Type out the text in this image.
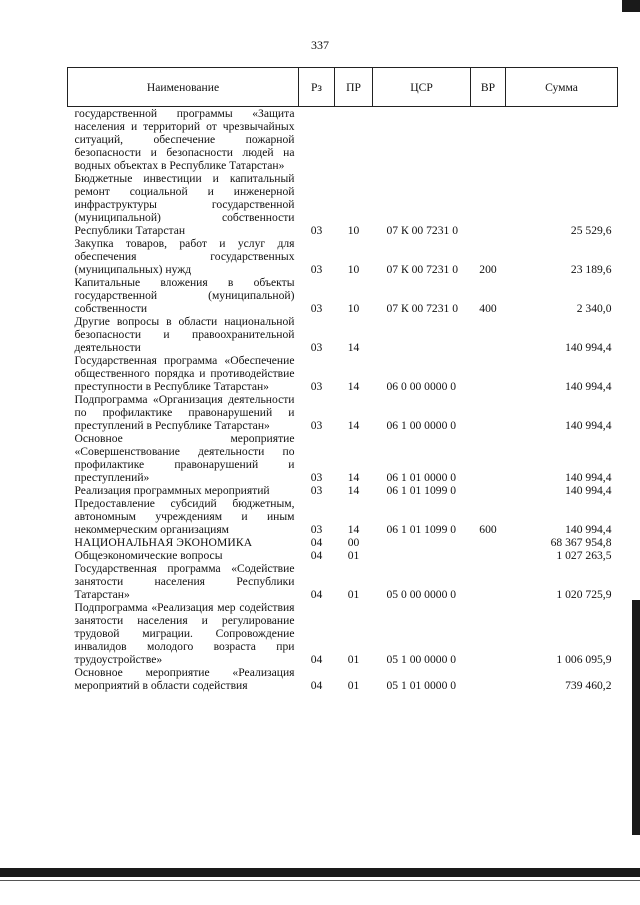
337
Наименование	Рз	ПР	ЦСР	ВР	Сумма
государственной программы «Защита населения и территорий от чрезвычайных ситуаций, обеспечение пожарной безопасности и безопасности людей на водных объектах в Республике Татарстан»					
Бюджетные инвестиции и капитальный ремонт социальной и инженерной инфраструктуры государственной (муниципальной) собственности Республики Татарстан	03	10	07 К 00 7231 0		25 529,6
Закупка товаров, работ и услуг для обеспечения государственных (муниципальных) нужд	03	10	07 К 00 7231 0	200	23 189,6
Капитальные вложения в объекты государственной (муниципальной) собственности	03	10	07 К 00 7231 0	400	2 340,0
Другие вопросы в области национальной безопасности и правоохранительной деятельности	03	14			140 994,4
Государственная программа «Обеспечение общественного порядка и противодействие преступности в Республике Татарстан»	03	14	06 0 00 0000 0		140 994,4
Подпрограмма «Организация деятельности по профилактике правонарушений и преступлений в Республике Татарстан»	03	14	06 1 00 0000 0		140 994,4
Основное мероприятие «Совершенствование деятельности по профилактике правонарушений и преступлений»	03	14	06 1 01 0000 0		140 994,4
Реализация программных мероприятий	03	14	06 1 01 1099 0		140 994,4
Предоставление субсидий бюджетным, автономным учреждениям и иным некоммерческим организациям	03	14	06 1 01 1099 0	600	140 994,4
НАЦИОНАЛЬНАЯ ЭКОНОМИКА	04	00			68 367 954,8
Общеэкономические вопросы	04	01			1 027 263,5
Государственная программа «Содействие занятости населения Республики Татарстан»	04	01	05 0 00 0000 0		1 020 725,9
Подпрограмма «Реализация мер содействия занятости населения и регулирование трудовой миграции. Сопровождение инвалидов молодого возраста при трудоустройстве»	04	01	05 1 00 0000 0		1 006 095,9
Основное мероприятие «Реализация мероприятий в области содействия	04	01	05 1 01 0000 0		739 460,2
